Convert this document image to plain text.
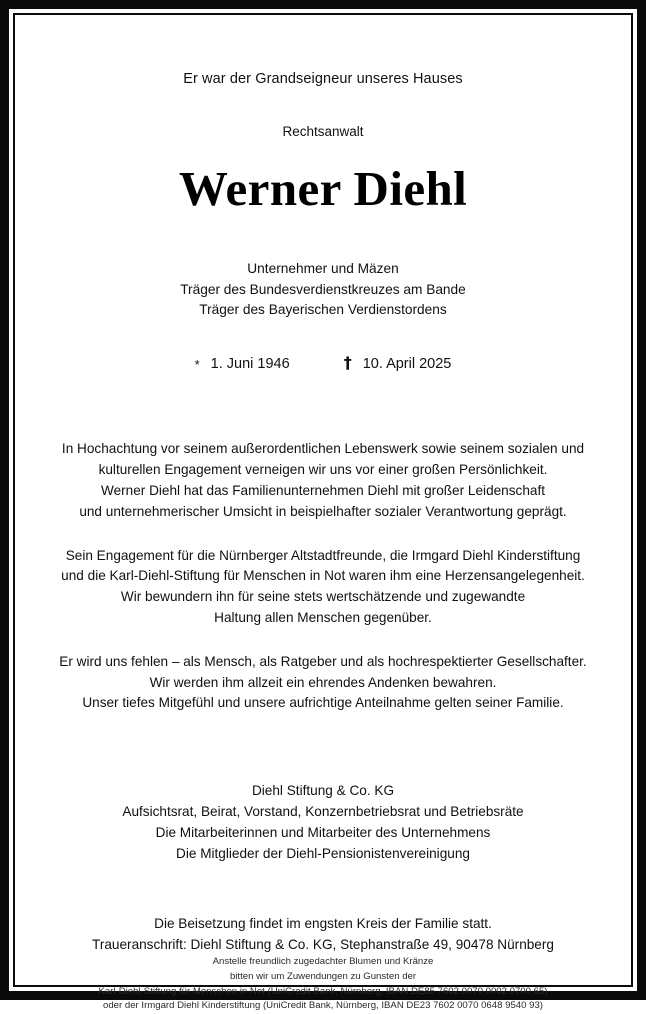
Er war der Grandseigneur unseres Hauses
Rechtsanwalt
Werner Diehl
Unternehmer und Mäzen
Träger des Bundesverdienstkreuzes am Bande
Träger des Bayerischen Verdienstordens
* 1. Juni 1946	† 10. April 2025

In Hochachtung vor seinem außerordentlichen Lebenswerk sowie seinem sozialen und
kulturellen Engagement verneigen wir uns vor einer großen Persönlichkeit.
Werner Diehl hat das Familienunternehmen Diehl mit großer Leidenschaft
und unternehmerischer Umsicht in beispielhafter sozialer Verantwortung geprägt.

Sein Engagement für die Nürnberger Altstadtfreunde, die Irmgard Diehl Kinderstiftung
und die Karl-Diehl-Stiftung für Menschen in Not waren ihm eine Herzensangelegenheit.
Wir bewundern ihn für seine stets wertschätzende und zugewandte
Haltung allen Menschen gegenüber.

Er wird uns fehlen – als Mensch, als Ratgeber und als hochrespektierter Gesellschafter.
Wir werden ihm allzeit ein ehrendes Andenken bewahren.
Unser tiefes Mitgefühl und unsere aufrichtige Anteilnahme gelten seiner Familie.

Diehl Stiftung & Co. KG
Aufsichtsrat, Beirat, Vorstand, Konzernbetriebsrat und Betriebsräte
Die Mitarbeiterinnen und Mitarbeiter des Unternehmens
Die Mitglieder der Diehl-Pensionistenvereinigung
Die Beisetzung findet im engsten Kreis der Familie statt.
Traueranschrift: Diehl Stiftung & Co. KG, Stephanstraße 49, 90478 Nürnberg
Anstelle freundlich zugedachter Blumen und Kränze
bitten wir um Zuwendungen zu Gunsten der
Karl-Diehl-Stiftung für Menschen in Not (UniCredit Bank, Nürnberg, IBAN DE85 7602 0070 0002 0700 65)
oder der Irmgard Diehl Kinderstiftung (UniCredit Bank, Nürnberg, IBAN DE23 7602 0070 0648 9540 93)
